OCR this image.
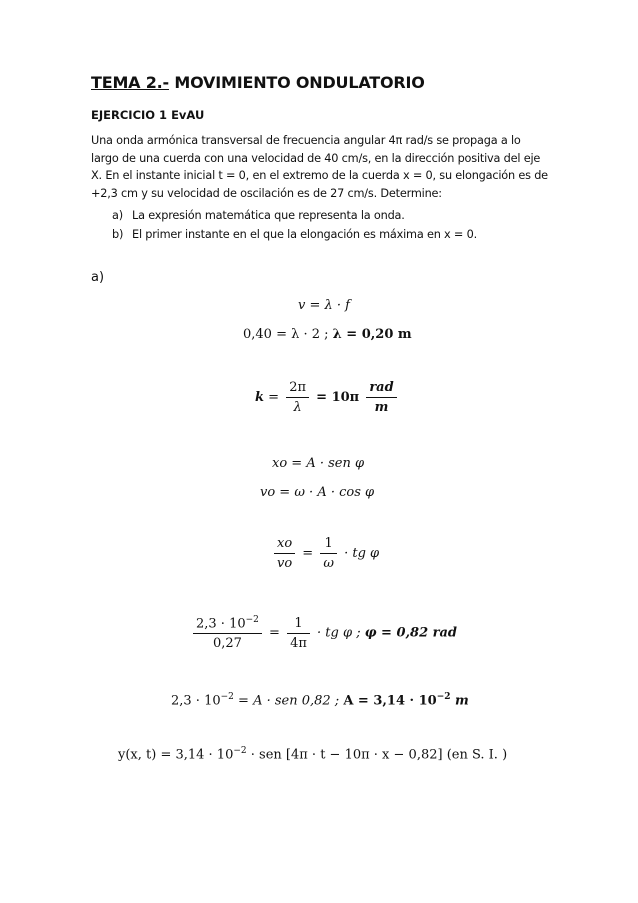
TEMA 2.- MOVIMIENTO ONDULATORIO
EJERCICIO 1 EvAU
Una onda armónica transversal de frecuencia angular 4π rad/s se propaga a lo largo de una cuerda con una velocidad de 40 cm/s, en la dirección positiva del eje X. En el instante inicial t = 0, en el extremo de la cuerda x = 0, su elongación es de +2,3 cm y su velocidad de oscilación es de 27 cm/s. Determine:
a) La expresión matemática que representa la onda.
b) El primer instante en el que la elongación es máxima en x = 0.
a)
v = λ · f
0,40 = λ · 2 ; λ = 0,20 m
$k = \frac{2\pi}{\lambda} = 10\pi \frac{\text{rad}}{m}$
xo = A · sen φ
vo = ω · A · cos φ
$\frac{xo}{vo} = \frac{1}{\omega}$ · tg φ
$\frac{2,3 \cdot 10^{-2}}{0,27} = \frac{1}{4\pi}$ · tg φ ; φ = 0,82 rad
$2,3 \cdot 10^{-2} = A$ · sen 0,82 ; $A = 3,14 \cdot 10^{-2}$ m
y(x, $t) = 3,14 \cdot 10^{-2}$ · sen [4π · t − 10π · x − 0,82] (en S. I. )
